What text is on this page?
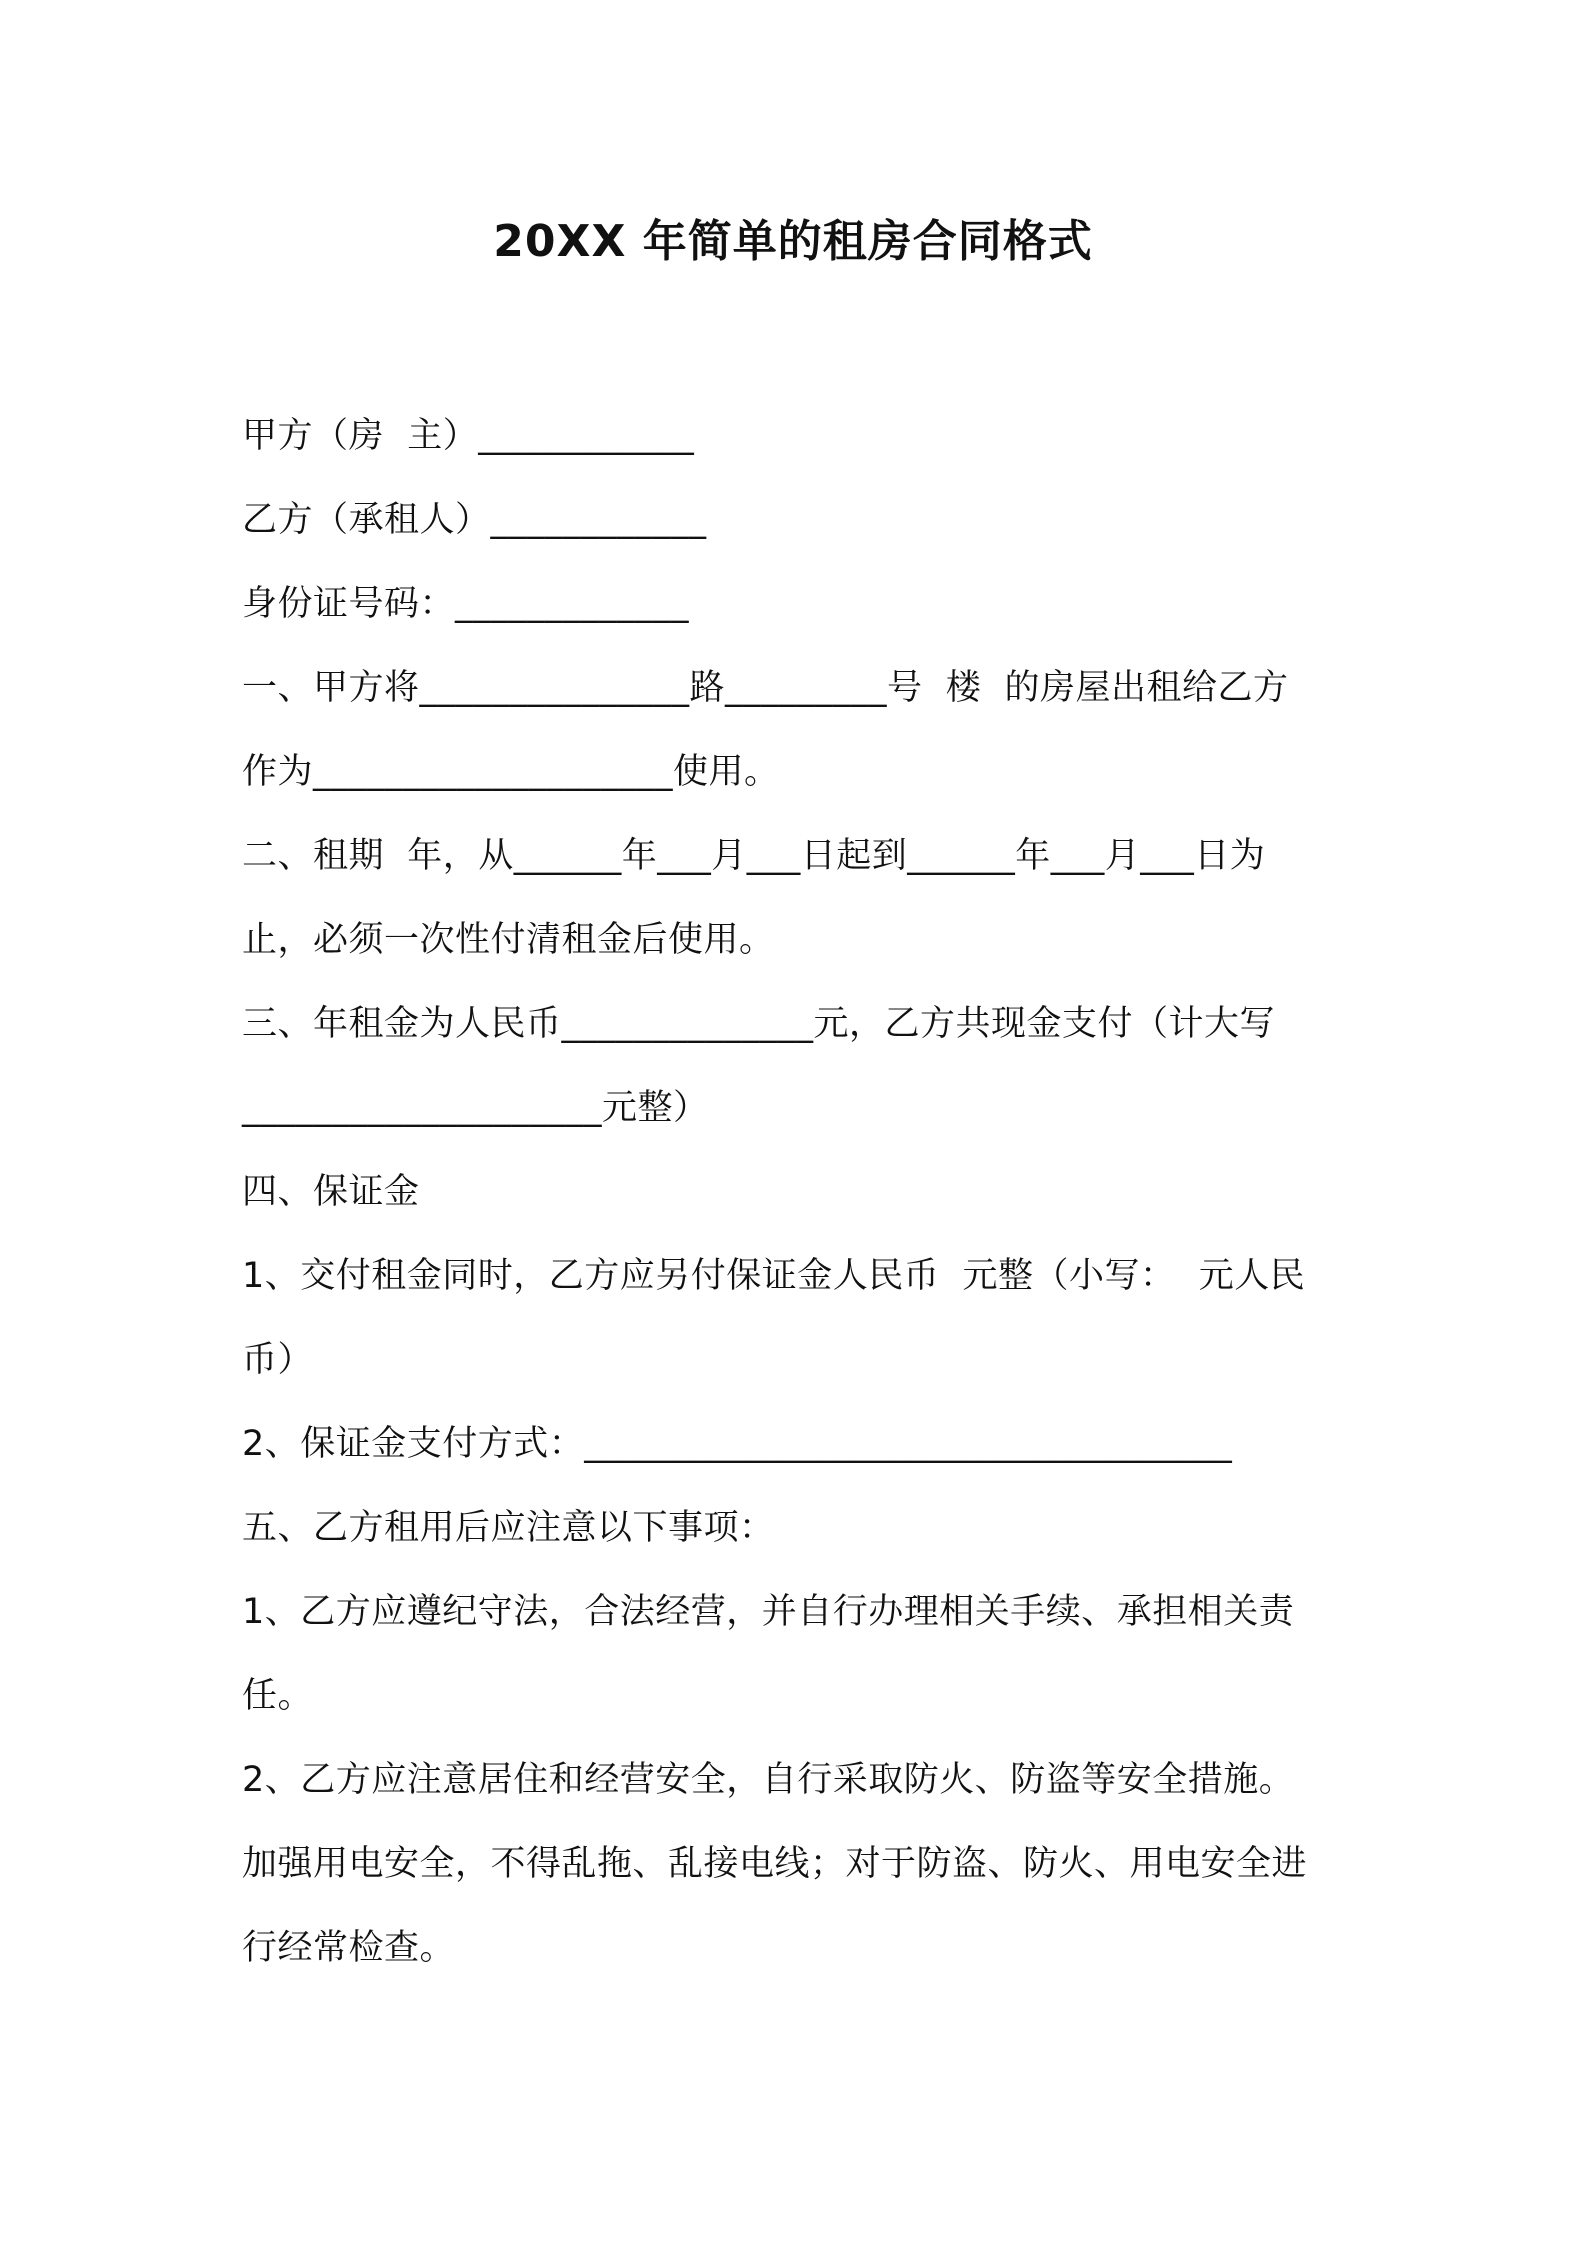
20XX 年简单的租房合同格式
甲方（房  主）____________
乙方（承租人）____________
身份证号码：_____________
一、甲方将_______________路_________号  楼  的房屋出租给乙方
作为____________________使用。
二、租期  年，从______年___月___日起到______年___月___日为
止，必须一次性付清租金后使用。
三、年租金为人民币______________元，乙方共现金支付（计大写
____________________元整）
四、保证金
1、交付租金同时，乙方应另付保证金人民币  元整（小写：  元人民
币）
2、保证金支付方式：____________________________________
五、乙方租用后应注意以下事项：
1、乙方应遵纪守法，合法经营，并自行办理相关手续、承担相关责
任。
2、乙方应注意居住和经营安全，自行采取防火、防盗等安全措施。
加强用电安全，不得乱拖、乱接电线；对于防盗、防火、用电安全进
行经常检查。
